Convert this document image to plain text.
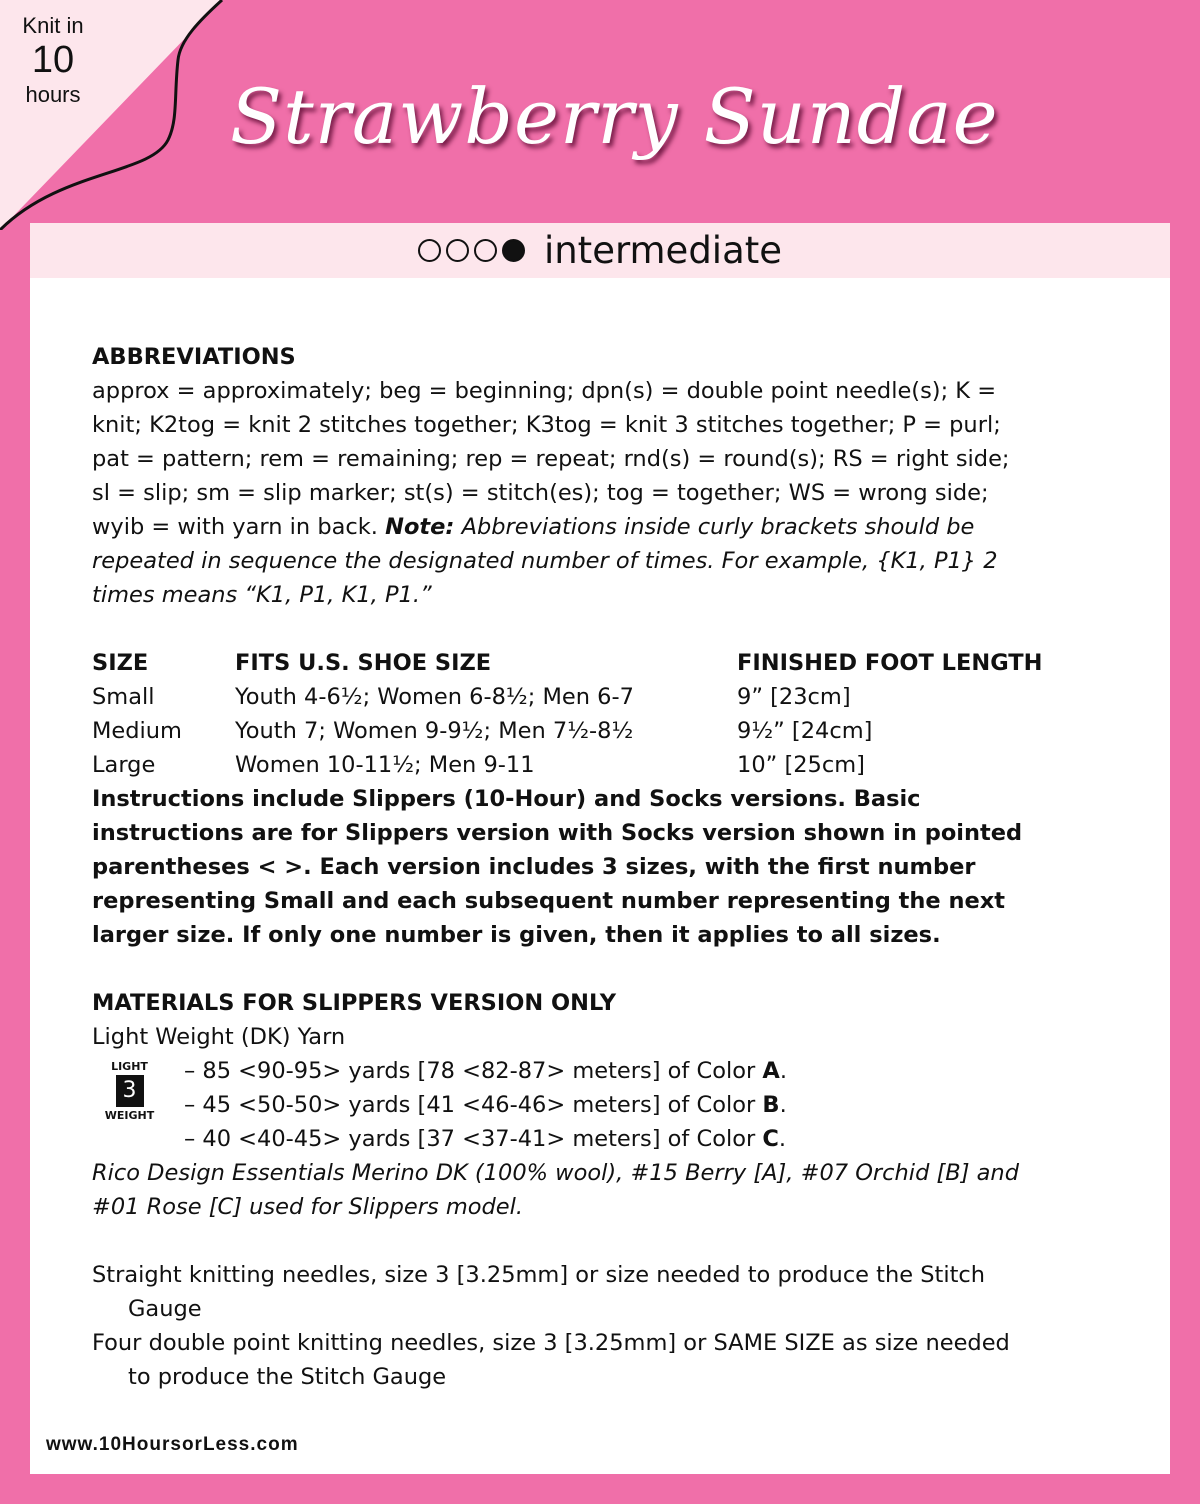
Knit in
10
hours	Strawberry Sundae
intermediate

ABBREVIATIONS

approx = approximately; beg = beginning; dpn(s) = double point needle(s); K =

knit; K2tog = knit 2 stitches together; K3tog = knit 3 stitches together; P = purl;

pat = pattern; rem = remaining; rep = repeat; rnd(s) = round(s); RS = right side;

sl = slip; sm = slip marker; st(s) = stitch(es); tog = together; WS = wrong side;

wyib = with yarn in back. Note: Abbreviations inside curly brackets should be

repeated in sequence the designated number of times. For example, {K1, P1} 2

times means “K1, P1, K1, P1.”

SIZE	FITS U.S. SHOE SIZE	FINISHED FOOT LENGTH
Small	Youth 4-6½; Women 6-8½; Men 6-7	9” [23cm]
Medium	Youth 7; Women 9-9½; Men 7½-8½	9½” [24cm]
Large	Women 10-11½; Men 9-11	10” [25cm]

Instructions include Slippers (10-Hour) and Socks versions. Basic

instructions are for Slippers version with Socks version shown in pointed

parentheses < >. Each version includes 3 sizes, with the first number

representing Small and each subsequent number representing the next

larger size. If only one number is given, then it applies to all sizes.

MATERIALS FOR SLIPPERS VERSION ONLY

Light Weight (DK) Yarn

LIGHT
3
WEIGHT

– 85 <90-95> yards [78 <82-87> meters] of Color A.

– 45 <50-50> yards [41 <46-46> meters] of Color B.

– 40 <40-45> yards [37 <37-41> meters] of Color C.

Rico Design Essentials Merino DK (100% wool), #15 Berry [A], #07 Orchid [B] and

#01 Rose [C] used for Slippers model.

Straight knitting needles, size 3 [3.25mm] or size needed to produce the Stitch

Gauge

Four double point knitting needles, size 3 [3.25mm] or SAME SIZE as size needed

to produce the Stitch Gauge

www.10HoursorLess.com
